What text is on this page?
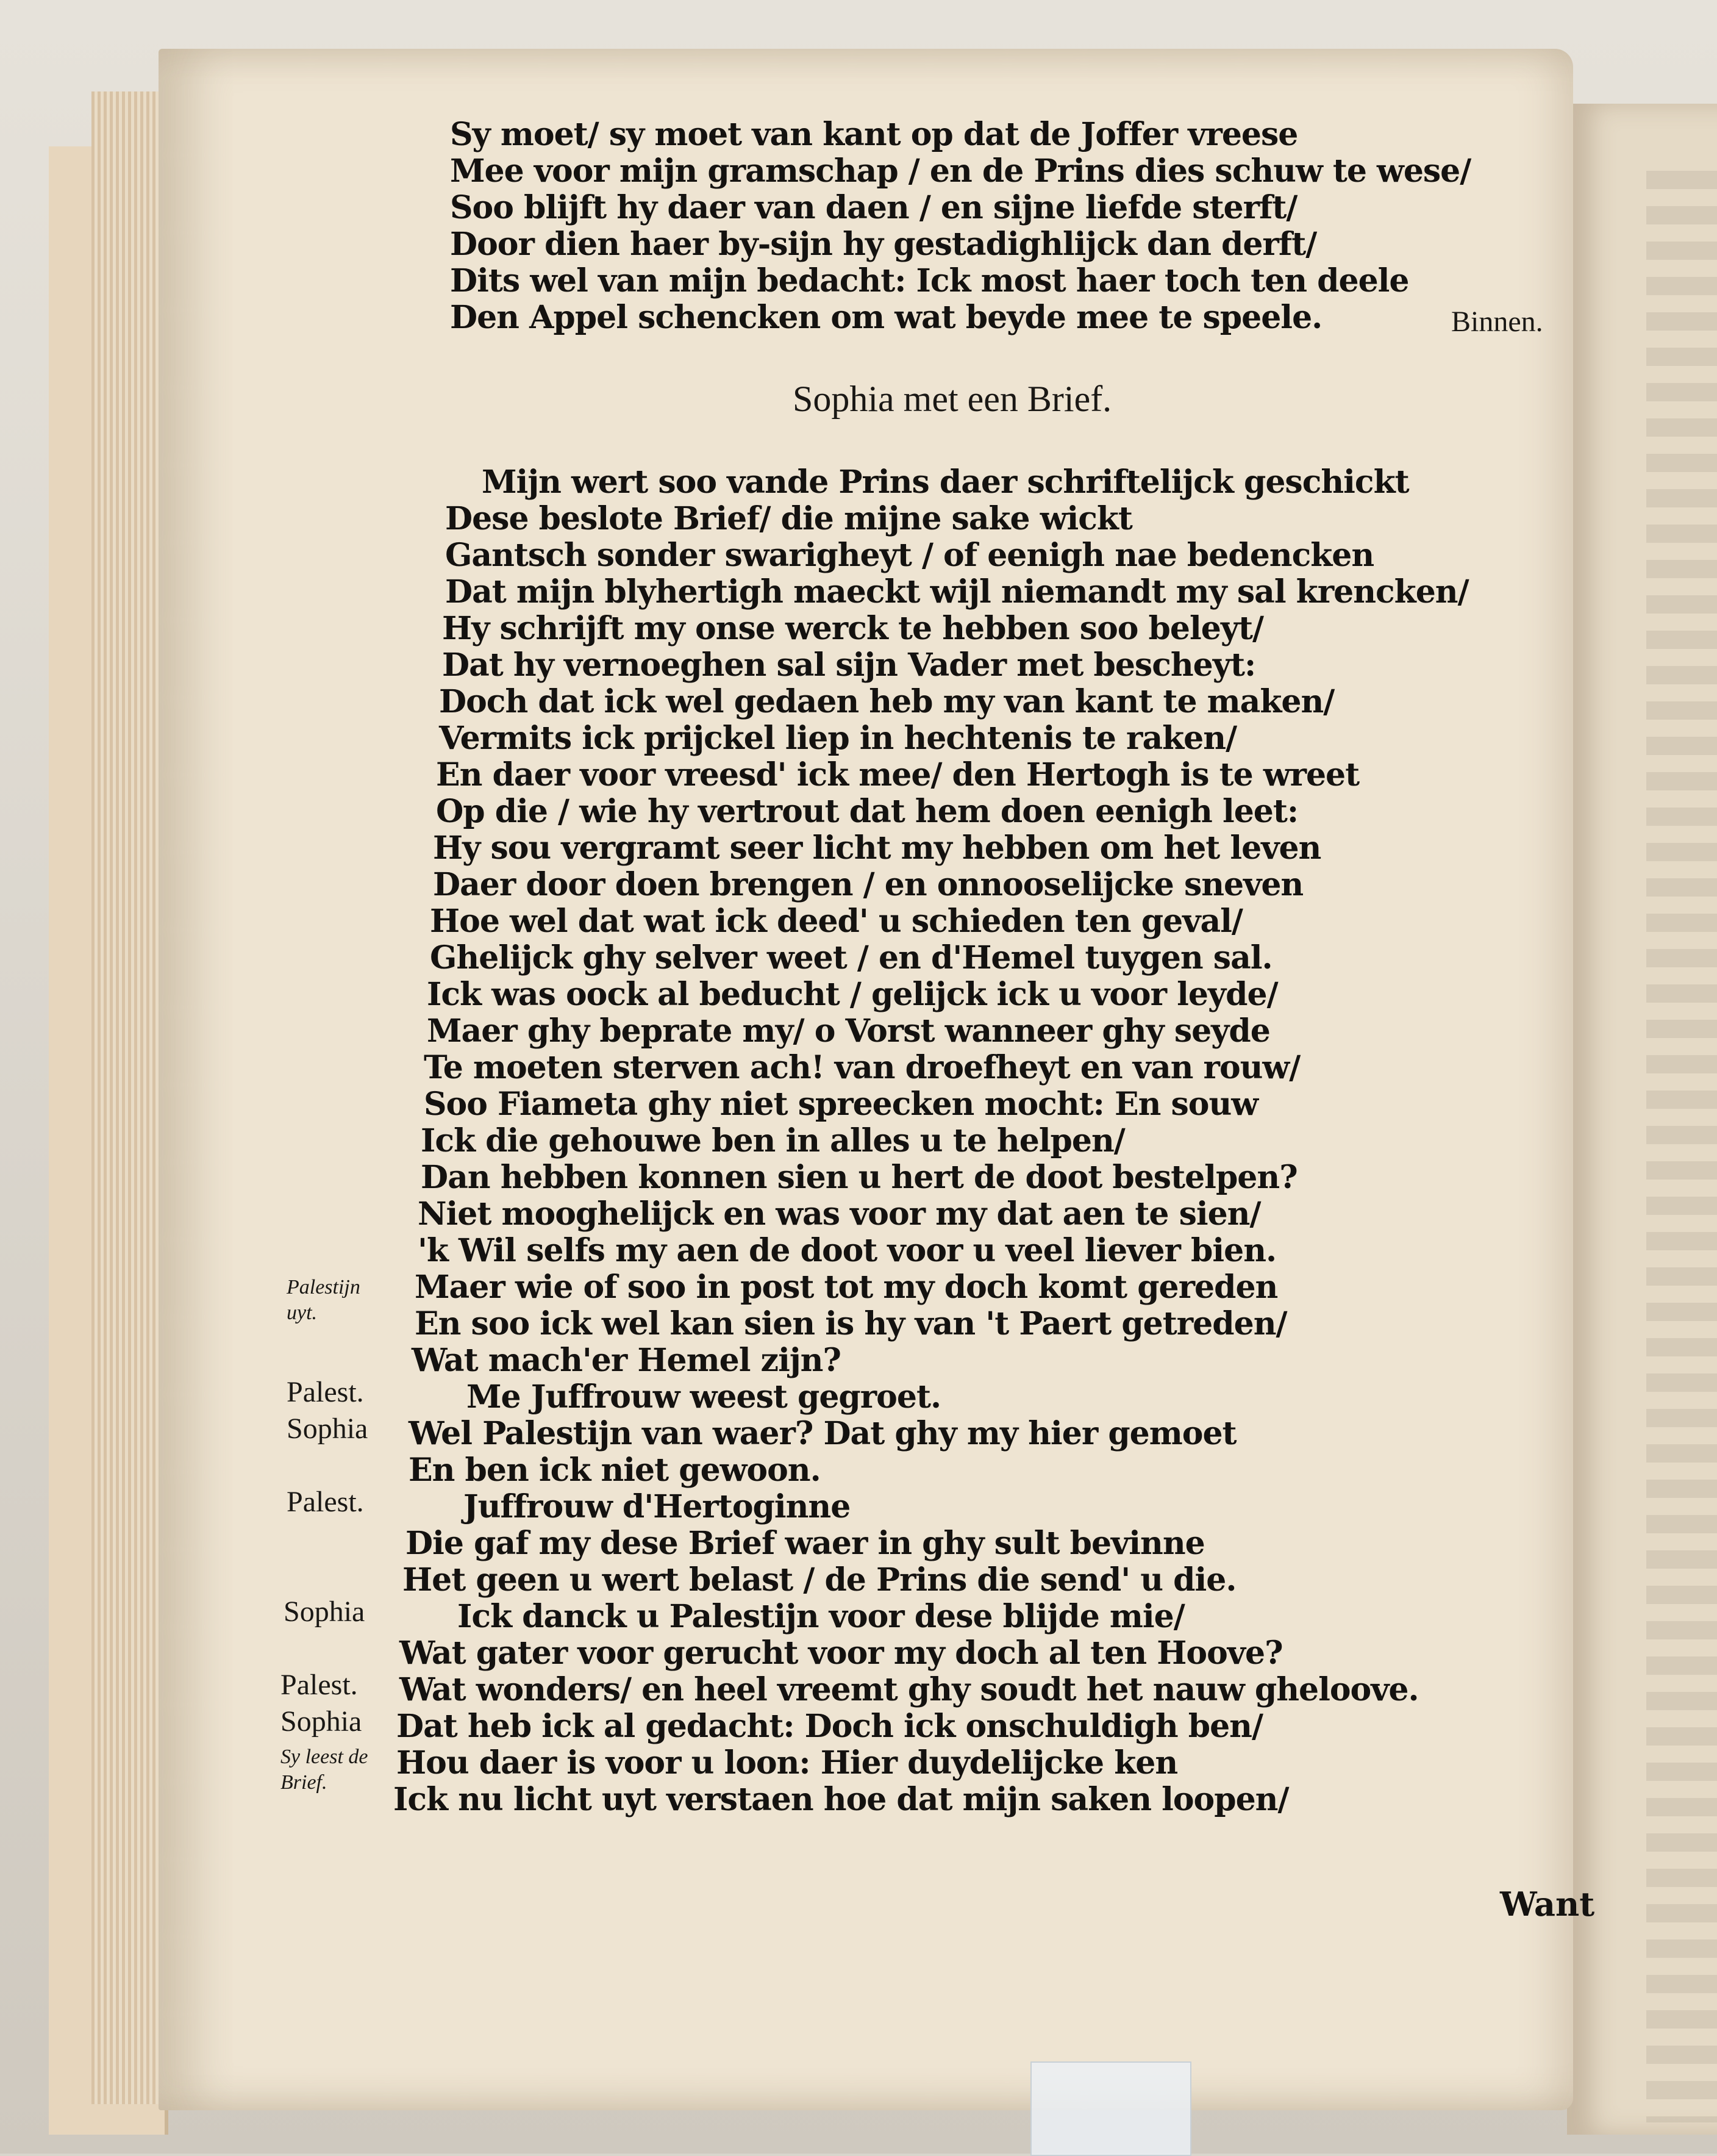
Sy moet/ sy moet van kant op dat de Joffer vreese

Mee voor mijn gramschap / en de Prins dies schuw te wese/

Soo blijft hy daer van daen / en sijne liefde sterft/

Door dien haer by-sijn hy gestadighlijck dan derft/

Dits wel van mijn bedacht: Ick most haer toch ten deele

Den Appel schencken om wat beyde mee te speele.	Binnen.

Sophia met een Brief.

Mijn wert soo vande Prins daer schriftelijck geschickt

Dese beslote Brief/ die mijne sake wickt

Gantsch sonder swarigheyt / of eenigh nae bedencken

Dat mijn blyhertigh maeckt wijl niemandt my sal krencken/

Hy schrijft my onse werck te hebben soo beleyt/

Dat hy vernoeghen sal sijn Vader met bescheyt:

Doch dat ick wel gedaen heb my van kant te maken/

Vermits ick prijckel liep in hechtenis te raken/

En daer voor vreesd' ick mee/ den Hertogh is te wreet

Op die / wie hy vertrout dat hem doen eenigh leet:

Hy sou vergramt seer licht my hebben om het leven

Daer door doen brengen / en onnooselijcke sneven

Hoe wel dat wat ick deed' u schieden ten geval/

Ghelijck ghy selver weet / en d'Hemel tuygen sal.

Ick was oock al beducht / gelijck ick u voor leyde/

Maer ghy beprate my/ o Vorst wanneer ghy seyde

Te moeten sterven ach! van droefheyt en van rouw/

Soo Fiameta ghy niet spreecken mocht: En souw

Ick die gehouwe ben in alles u te helpen/

Dan hebben konnen sien u hert de doot bestelpen?

Niet mooghelijck en was voor my dat aen te sien/

'k Wil selfs my aen de doot voor u veel liever bien.

Maer wie of soo in post tot my doch komt gereden

En soo ick wel kan sien is hy van 't Paert getreden/

Wat mach'er Hemel zijn?

Me Juffrouw weest gegroet.

Wel Palestijn van waer? Dat ghy my hier gemoet

En ben ick niet gewoon.

Juffrouw d'Hertoginne

Die gaf my dese Brief waer in ghy sult bevinne

Het geen u wert belast / de Prins die send' u die.

Ick danck u Palestijn voor dese blijde mie/

Wat gater voor gerucht voor my doch al ten Hoove?

Wat wonders/ en heel vreemt ghy soudt het nauw gheloove.

Dat heb ick al gedacht: Doch ick onschuldigh ben/

Hou daer is voor u loon: Hier duydelijcke ken

Ick nu licht uyt verstaen hoe dat mijn saken loopen/

Palestijn uyt.

Palest.

Sophia

Palest.

Sophia

Palest.

Sophia

Sy leest de Brief.

Want
